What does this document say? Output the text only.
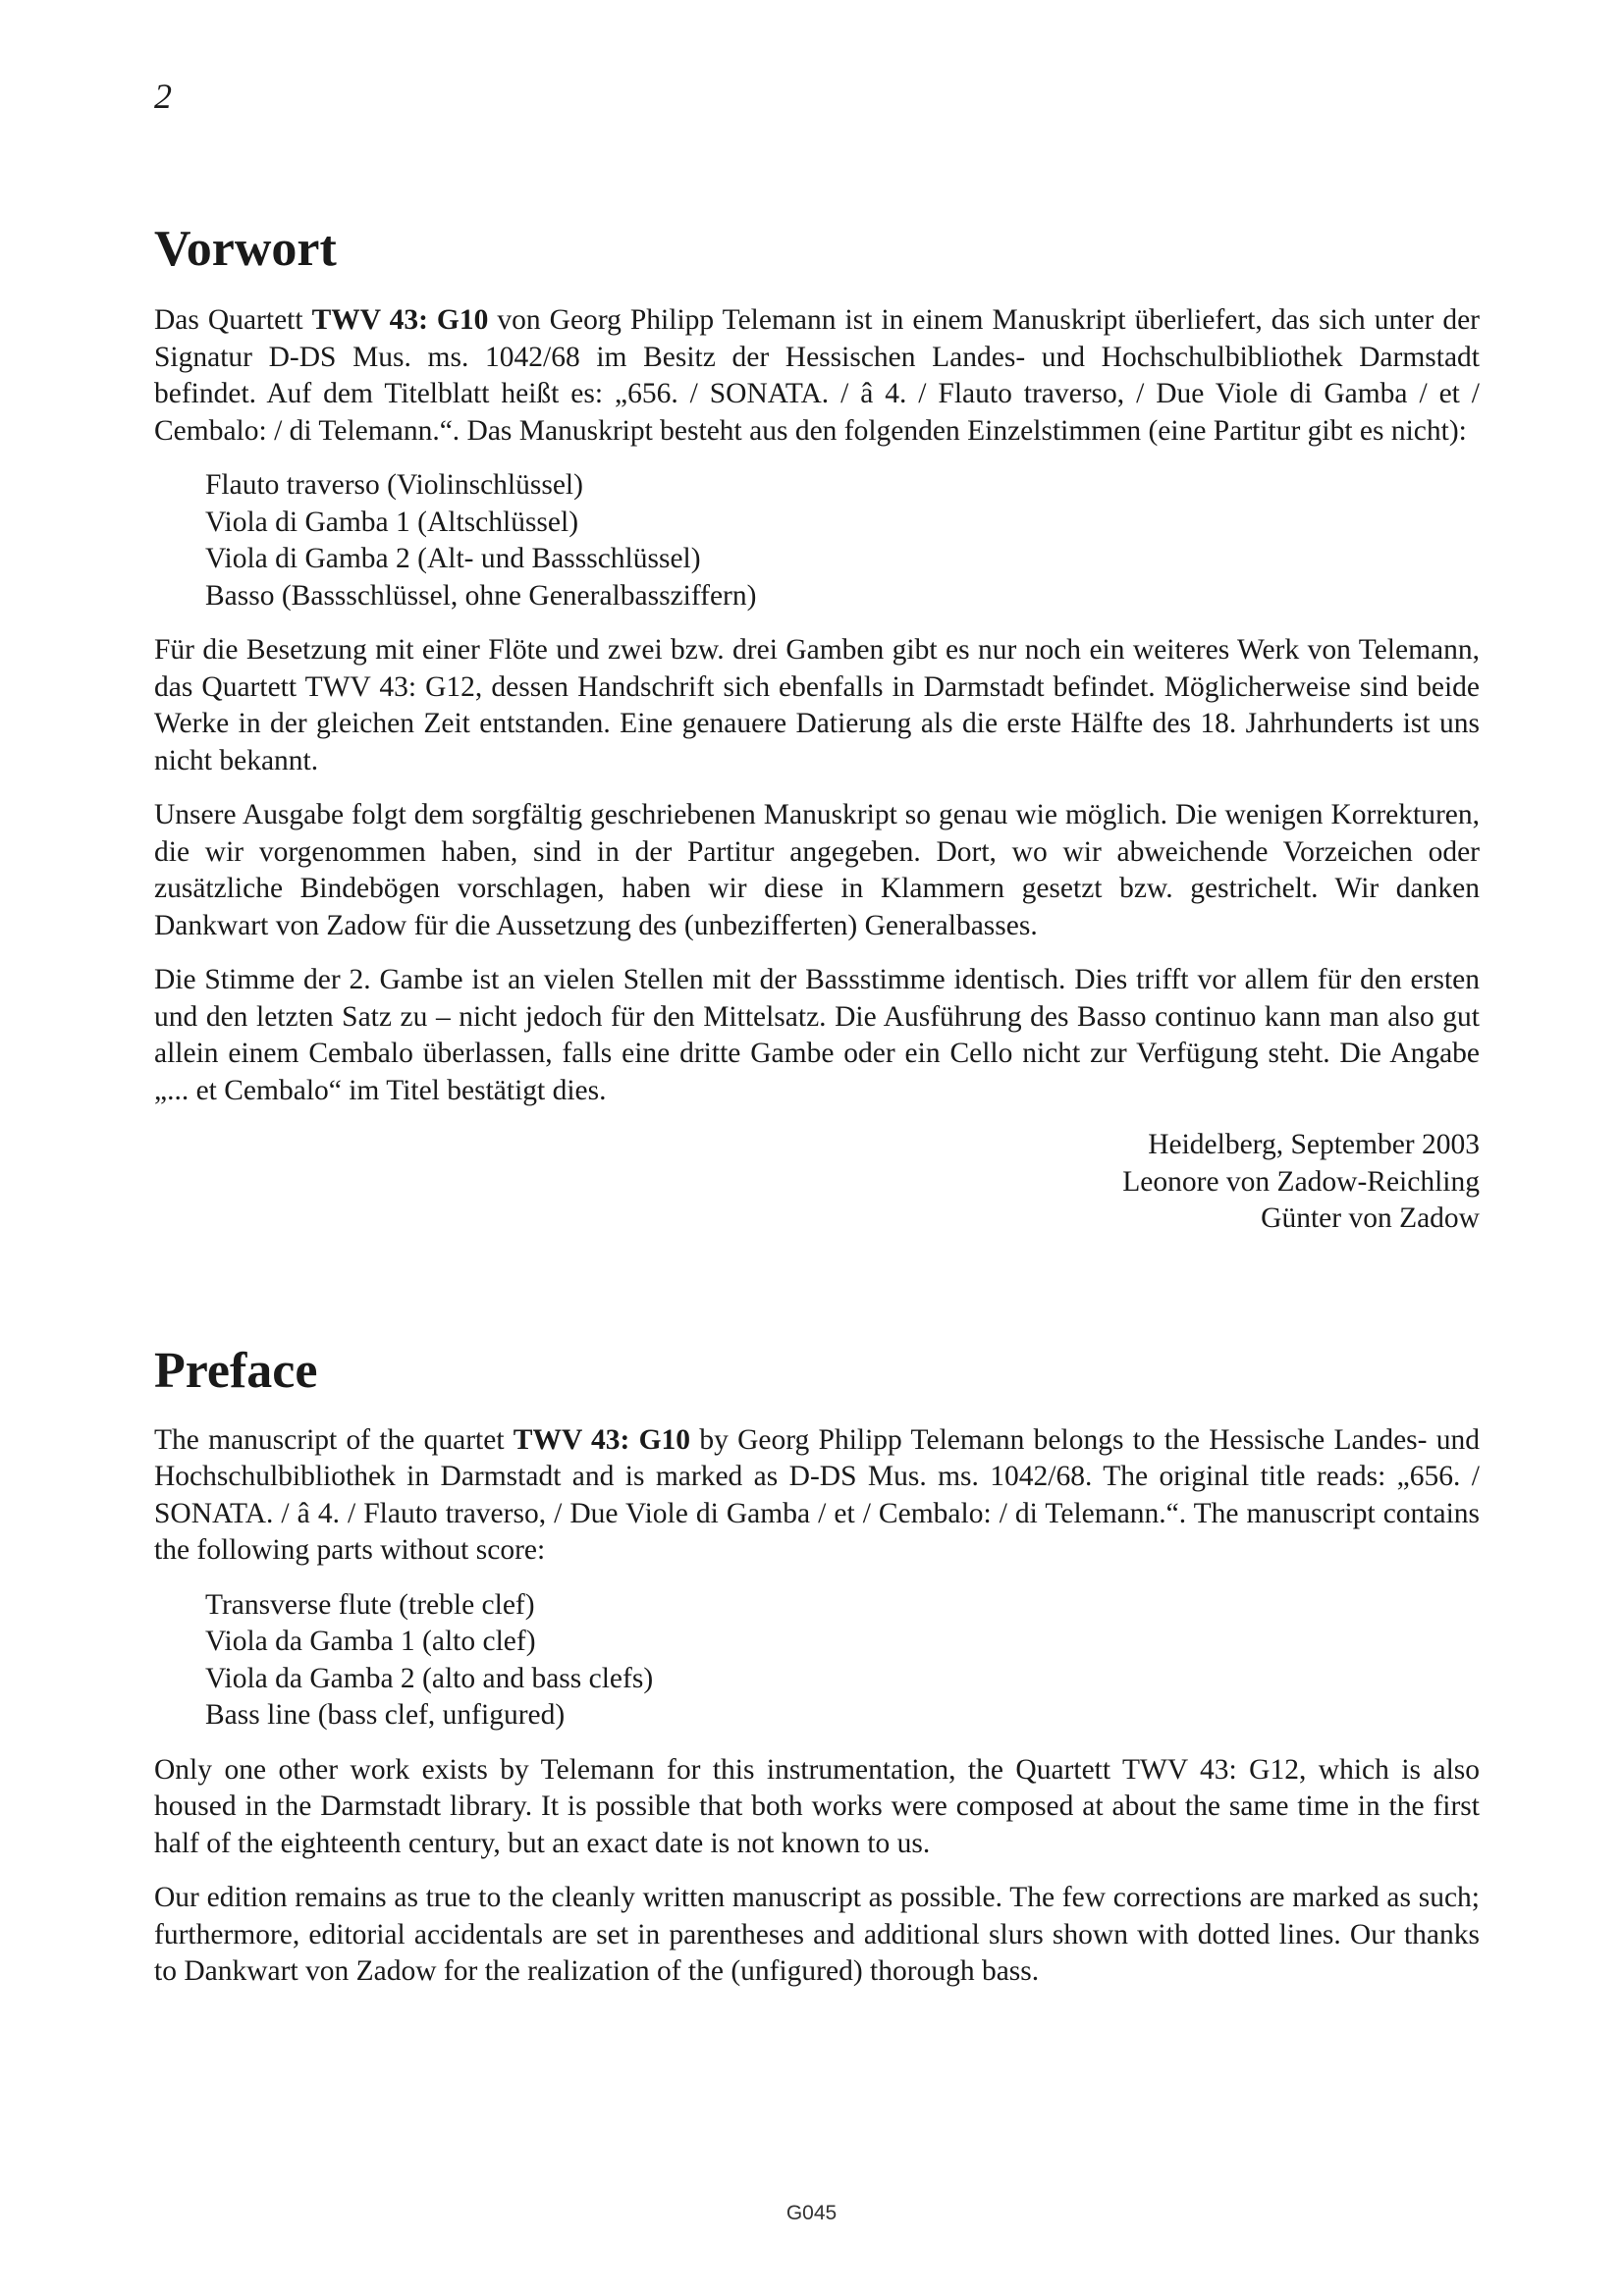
2
Vorwort

Das Quartett TWV 43: G10 von Georg Philipp Telemann ist in einem Manuskript überliefert, das sich unter der Signatur D-DS Mus. ms. 1042/68 im Besitz der Hessischen Landes- und Hochschulbibliothek Darmstadt befindet. Auf dem Titelblatt heißt es: „656. / SONATA. / â 4. / Flauto traverso, / Due Viole di Gamba / et / Cembalo: / di Telemann.“. Das Manuskript besteht aus den folgenden Einzelstimmen (eine Partitur gibt es nicht):

Flauto traverso (Violinschlüssel)
Viola di Gamba 1 (Altschlüssel)
Viola di Gamba 2 (Alt- und Bassschlüssel)
Basso (Bassschlüssel, ohne Generalbassziffern)

Für die Besetzung mit einer Flöte und zwei bzw. drei Gamben gibt es nur noch ein weiteres Werk von Telemann, das Quartett TWV 43: G12, dessen Handschrift sich ebenfalls in Darmstadt befindet. Möglicherweise sind beide Werke in der gleichen Zeit entstanden. Eine genauere Datierung als die erste Hälfte des 18. Jahrhunderts ist uns nicht bekannt.

Unsere Ausgabe folgt dem sorgfältig geschriebenen Manuskript so genau wie möglich. Die wenigen Korrekturen, die wir vorgenommen haben, sind in der Partitur angegeben. Dort, wo wir abweichende Vorzeichen oder zusätzliche Bindebögen vorschlagen, haben wir diese in Klammern gesetzt bzw. gestrichelt. Wir danken Dankwart von Zadow für die Aussetzung des (unbezifferten) Generalbasses.

Die Stimme der 2. Gambe ist an vielen Stellen mit der Bassstimme identisch. Dies trifft vor allem für den ersten und den letzten Satz zu – nicht jedoch für den Mittelsatz. Die Ausführung des Basso continuo kann man also gut allein einem Cembalo überlassen, falls eine dritte Gambe oder ein Cello nicht zur Verfügung steht. Die Angabe „... et Cembalo“ im Titel bestätigt dies.

Heidelberg, September 2003
Leonore von Zadow-Reichling
Günter von Zadow
Preface

The manuscript of the quartet TWV 43: G10 by Georg Philipp Telemann belongs to the Hessische Landes- und Hochschulbibliothek in Darmstadt and is marked as D-DS Mus. ms. 1042/68. The original title reads: „656. / SONATA. / â 4. / Flauto traverso, / Due Viole di Gamba / et / Cembalo: / di Telemann.“. The manuscript contains the following parts without score:

Transverse flute (treble clef)
Viola da Gamba 1 (alto clef)
Viola da Gamba 2 (alto and bass clefs)
Bass line (bass clef, unfigured)

Only one other work exists by Telemann for this instrumentation, the Quartett TWV 43: G12, which is also housed in the Darmstadt library. It is possible that both works were composed at about the same time in the first half of the eighteenth century, but an exact date is not known to us.

Our edition remains as true to the cleanly written manuscript as possible. The few corrections are marked as such; furthermore, editorial accidentals are set in parentheses and additional slurs shown with dotted lines. Our thanks to Dankwart von Zadow for the realization of the (unfigured) thorough bass.

G045
